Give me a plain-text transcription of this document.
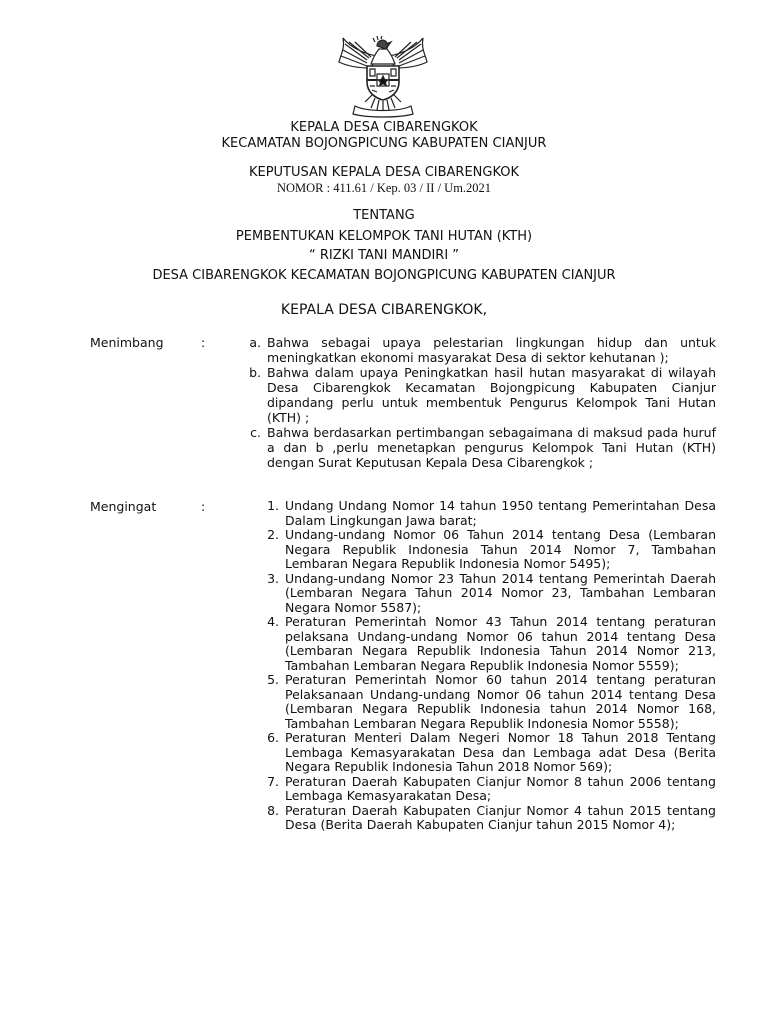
KEPALA DESA CIBARENGKOK
KECAMATAN BOJONGPICUNG KABUPATEN CIANJUR
KEPUTUSAN KEPALA DESA CIBARENGKOK
NOMOR : 411.61 / Kep. 03 / II / Um.2021
TENTANG
PEMBENTUKAN KELOMPOK TANI HUTAN (KTH)
“ RIZKI TANI MANDIRI ”
DESA CIBARENGKOK KECAMATAN BOJONGPICUNG KABUPATEN CIANJUR
KEPALA DESA CIBARENGKOK,
Menimbang	:	a. Bahwa sebagai upaya pelestarian lingkungan hidup dan untuk meningkatkan ekonomi masyarakat Desa di sektor kehutanan );
b. Bahwa dalam upaya Peningkatkan hasil hutan masyarakat di wilayah Desa Cibarengkok Kecamatan Bojongpicung Kabupaten Cianjur dipandang perlu untuk membentuk Pengurus Kelompok Tani Hutan (KTH) ;
c. Bahwa berdasarkan pertimbangan sebagaimana di maksud pada huruf a dan b ,perlu menetapkan pengurus Kelompok Tani Hutan (KTH) dengan Surat Keputusan Kepala Desa Cibarengkok ;
Mengingat	:	1. Undang Undang Nomor 14 tahun 1950 tentang Pemerintahan Desa Dalam Lingkungan Jawa barat;
2. Undang-undang Nomor 06 Tahun 2014 tentang Desa (Lembaran Negara Republik Indonesia Tahun 2014 Nomor 7, Tambahan Lembaran Negara Republik Indonesia Nomor 5495);
3. Undang-undang Nomor 23 Tahun 2014 tentang Pemerintah Daerah (Lembaran Negara Tahun 2014 Nomor 23, Tambahan Lembaran Negara Nomor 5587);
4. Peraturan Pemerintah Nomor 43 Tahun 2014 tentang peraturan pelaksana Undang-undang Nomor 06 tahun 2014 tentang Desa (Lembaran Negara Republik Indonesia Tahun 2014 Nomor 213, Tambahan Lembaran Negara Republik Indonesia Nomor 5559);
5. Peraturan Pemerintah Nomor 60 tahun 2014 tentang peraturan Pelaksanaan Undang-undang Nomor 06 tahun 2014 tentang Desa (Lembaran Negara Republik Indonesia tahun 2014 Nomor 168, Tambahan Lembaran Negara Republik Indonesia Nomor 5558);
6. Peraturan Menteri Dalam Negeri Nomor 18 Tahun 2018 Tentang Lembaga Kemasyarakatan Desa dan Lembaga adat Desa (Berita Negara Republik Indonesia Tahun 2018 Nomor 569);
7. Peraturan Daerah Kabupaten Cianjur Nomor 8 tahun 2006 tentang Lembaga Kemasyarakatan Desa;
8. Peraturan Daerah Kabupaten Cianjur Nomor 4 tahun 2015 tentang Desa (Berita Daerah Kabupaten Cianjur tahun 2015 Nomor 4);
